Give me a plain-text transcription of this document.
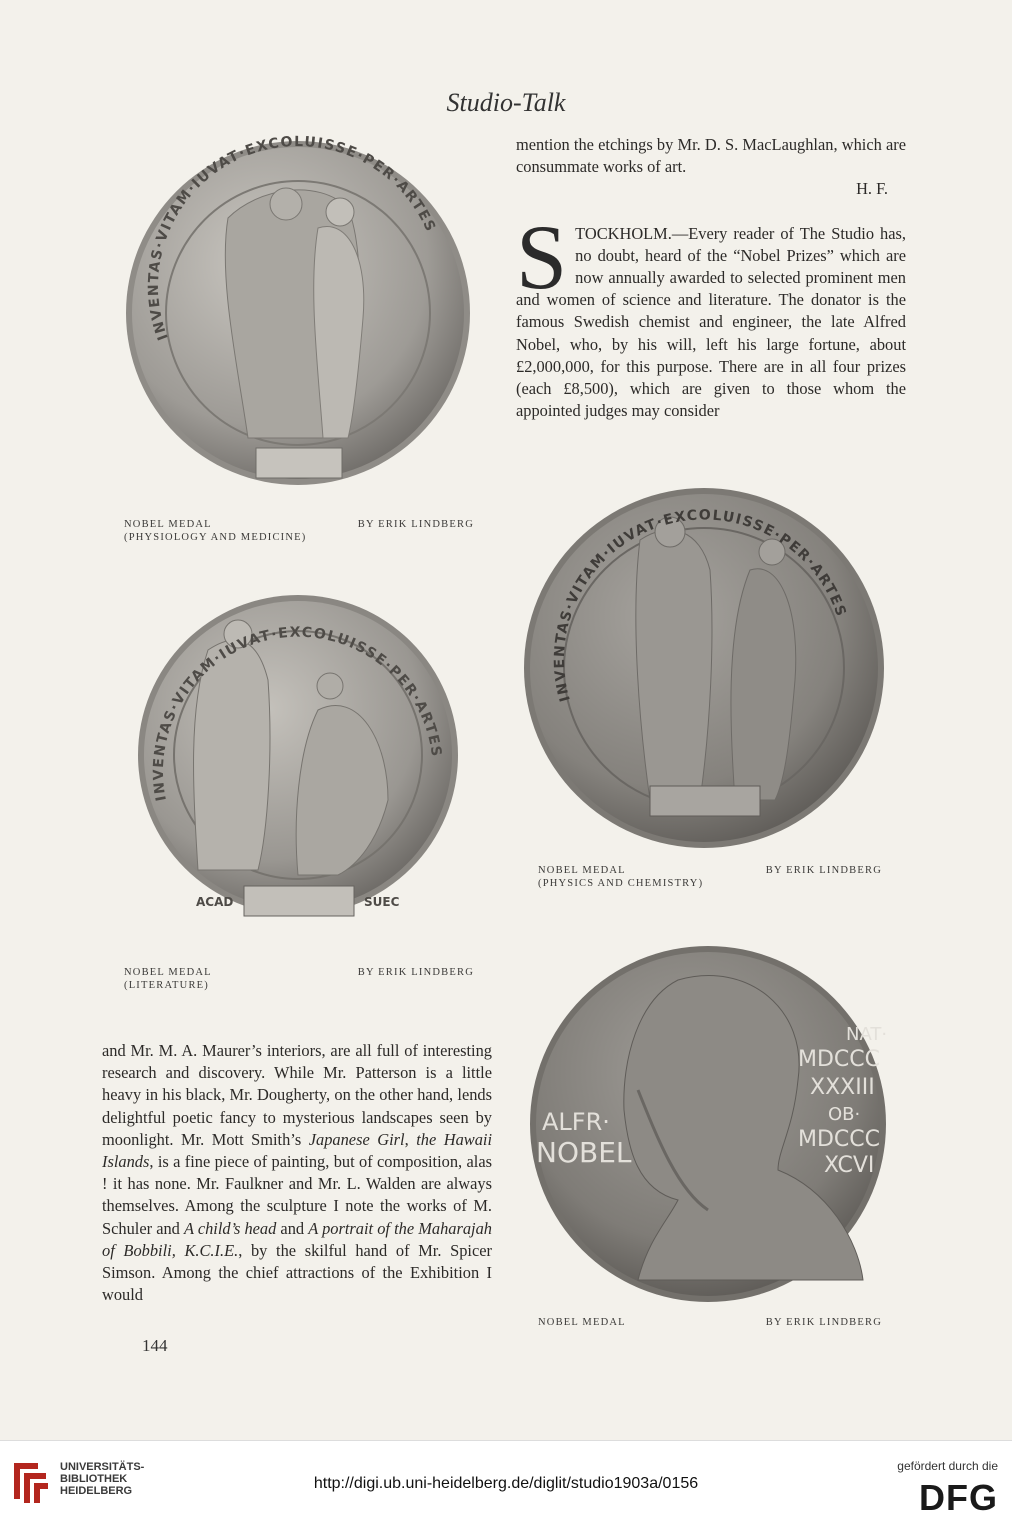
Studio-Talk
INVENTAS·VITAM·IUVAT·EXCOLUISSE·PER·ARTES
NOBEL MEDAL	BY ERIK LINDBERG
(PHYSIOLOGY AND MEDICINE)

mention the etchings by Mr. D. S. MacLaughlan, which are consummate works of art.

H. F.

STOCKHOLM.—Every reader of The Studio has, no doubt, heard of the “Nobel Prizes” which are now annually awarded to selected prominent men and women of science and literature. The donator is the famous Swedish chemist and engineer, the late Alfred Nobel, who, by his will, left his large fortune, about £2,000,000, for this purpose. There are in all four prizes (each £8,500), which are given to those whom the appointed judges may consider

INVENTAS·VITAM·IUVAT·EXCOLUISSE·PER·ARTES
NOBEL MEDAL	BY ERIK LINDBERG
(PHYSICS AND CHEMISTRY)
ACAD	SUEC
INVENTAS·VITAM·IUVAT·EXCOLUISSE·PER·ARTES
NOBEL MEDAL	BY ERIK LINDBERG
(LITERATURE)
ALFR·
NOBEL
NAT·
MDCCC
XXXIII
OB·
MDCCC
XCVI
NOBEL MEDAL	BY ERIK LINDBERG

and Mr. M. A. Maurer’s interiors, are all full of interesting research and discovery. While Mr. Patterson is a little heavy in his black, Mr. Dougherty, on the other hand, lends delightful poetic fancy to mysterious landscapes seen by moonlight. Mr. Mott Smith’s Japanese Girl, the Hawaii Islands, is a fine piece of painting, but of composition, alas ! it has none. Mr. Faulkner and Mr. L. Walden are always themselves. Among the sculpture I note the works of M. Schuler and A child’s head and A portrait of the Maharajah of Bobbili, K.C.I.E., by the skilful hand of Mr. Spicer Simson. Among the chief attractions of the Exhibition I would

144
UNIVERSITÄTS-
BIBLIOTHEK
HEIDELBERG	http://digi.ub.uni-heidelberg.de/diglit/studio1903a/0156
gefördert durch die
DFG
